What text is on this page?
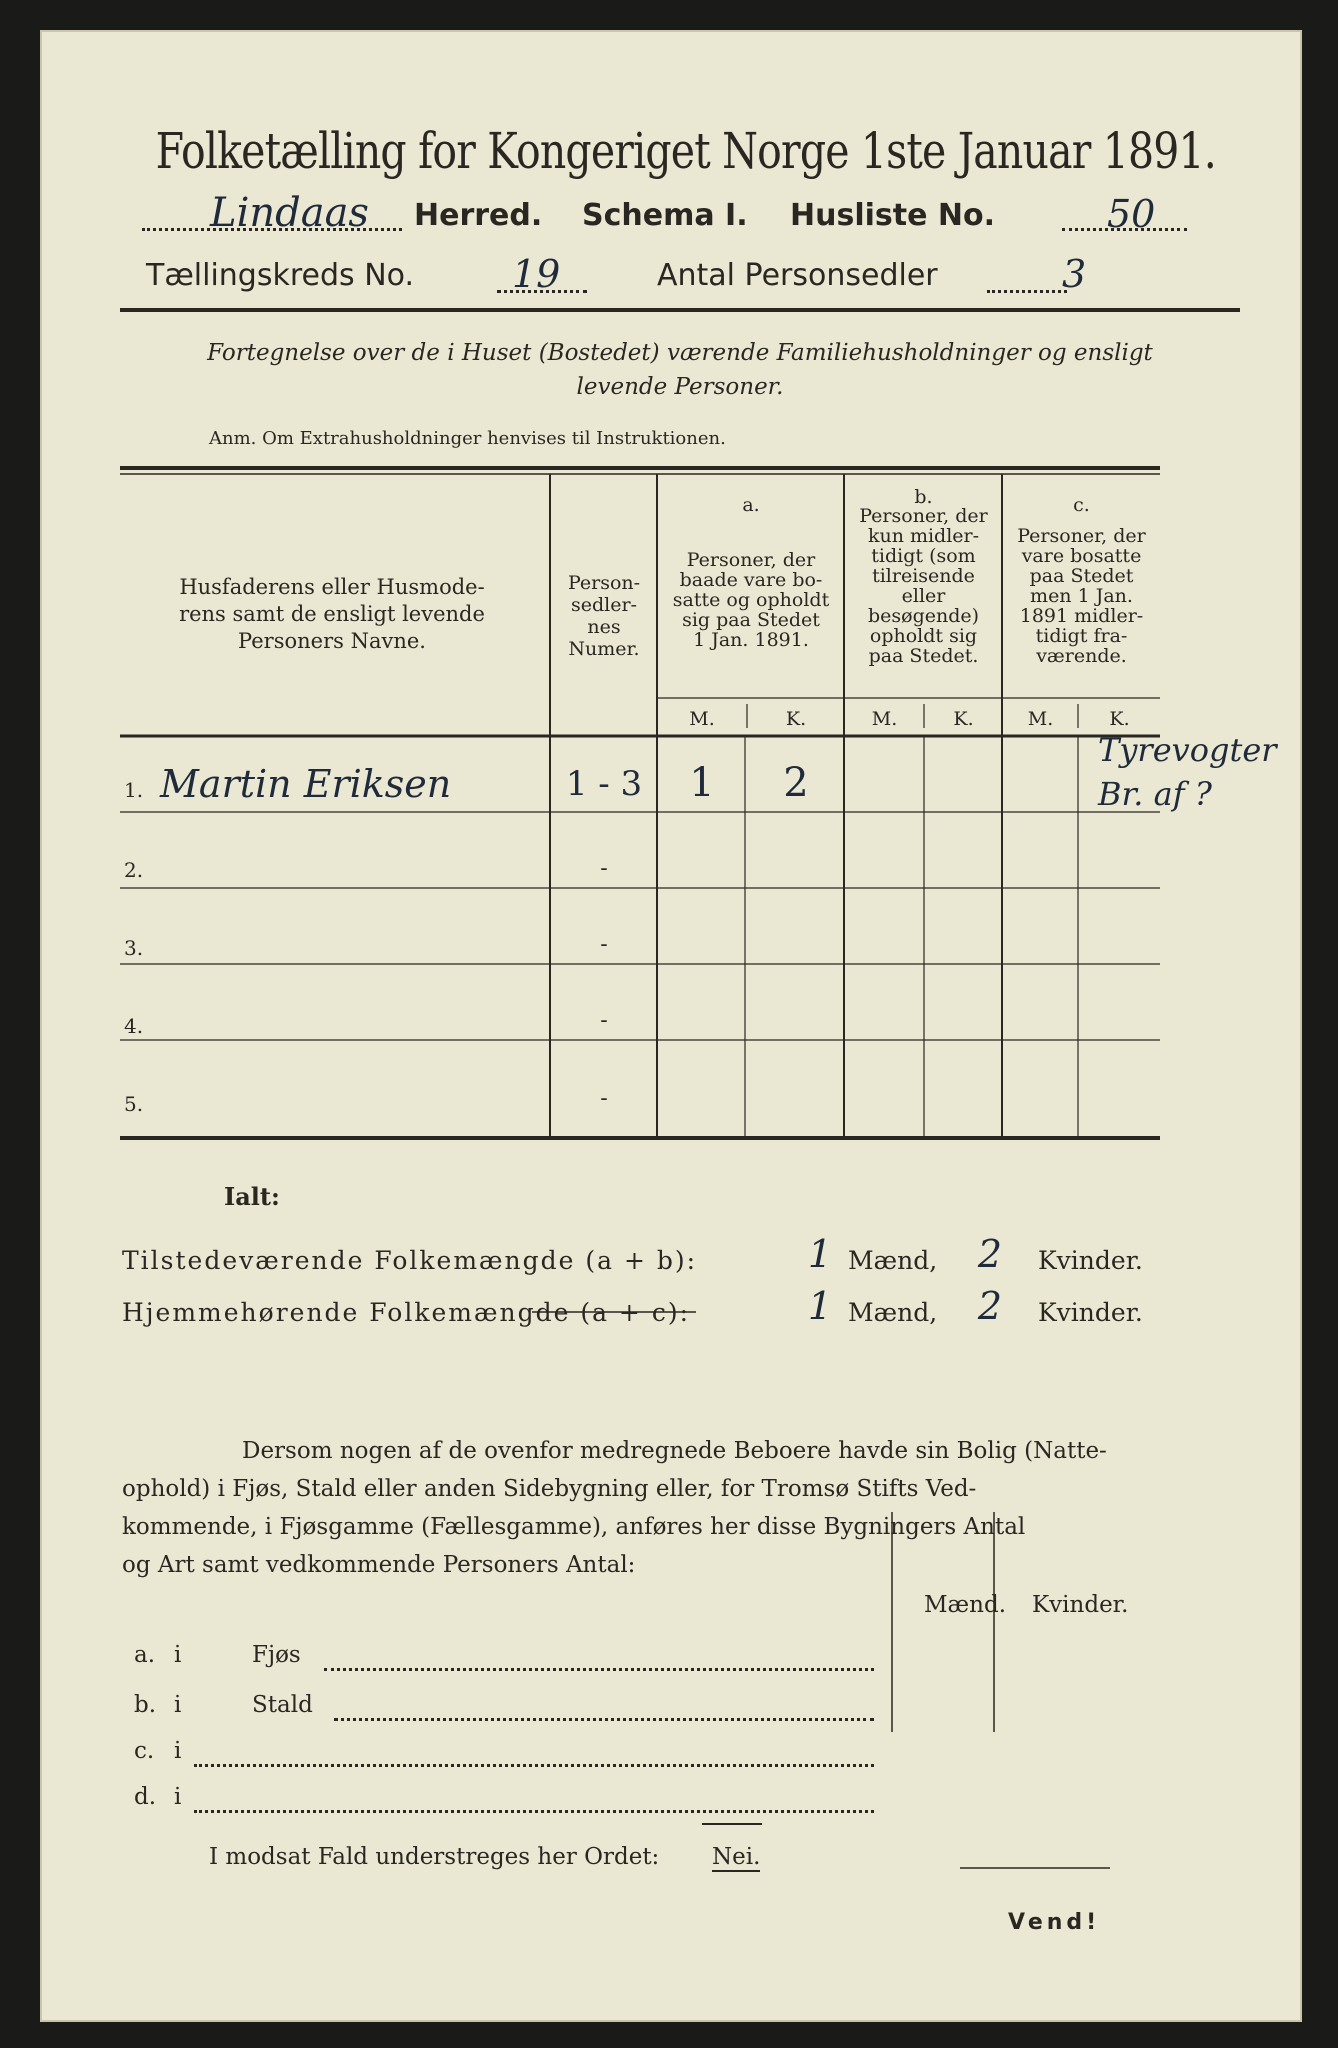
Folketælling for Kongeriget Norge 1ste Januar 1891.
Lindaas Herred. Schema I. Husliste No.	50
Tællingskreds No.	19	Antal Personsedler	3
Fortegnelse over de i Huset (Bostedet) værende Familiehusholdninger og ensligt
levende Personer.
Anm. Om Extrahusholdninger henvises til Instruktionen.
Husfaderens eller Husmode-
rens samt de ensligt levende
Personers Navne.
Person-
sedler-
nes
Numer.
a.
Personer, der
baade vare bo-
satte og opholdt
sig paa Stedet
1 Jan. 1891.
b.
Personer, der
kun midler-
tidigt (som
tilreisende
eller
besøgende)
opholdt sig
paa Stedet.
c.
Personer, der
vare bosatte
paa Stedet
men 1 Jan.
1891 midler-
tidigt fra-
værende.
M.	K.	M.	K.	M.	K.
1. Martin Eriksen	1 - 3	1	2
Tyrevogter Br. af ?
2.	-
3.	-
4.	-
5.	-
Ialt:
Tilstedeværende Folkemængde (a + b):	1 Mænd,	2	Kvinder.
Hjemmehørende Folkemængde (a + c):	1 Mænd,	2	Kvinder.
Dersom nogen af de ovenfor medregnede Beboere havde sin Bolig (Natte-
ophold) i Fjøs, Stald eller anden Sidebygning eller, for Tromsø Stifts Ved-
kommende, i Fjøsgamme (Fællesgamme), anføres her disse Bygningers Antal
og Art samt vedkommende Personers Antal:
Mænd. Kvinder.
a. i	Fjøs
b. i	Stald
c. i
d. i
I modsat Fald understreges her Ordet: Nei.
Vend!
